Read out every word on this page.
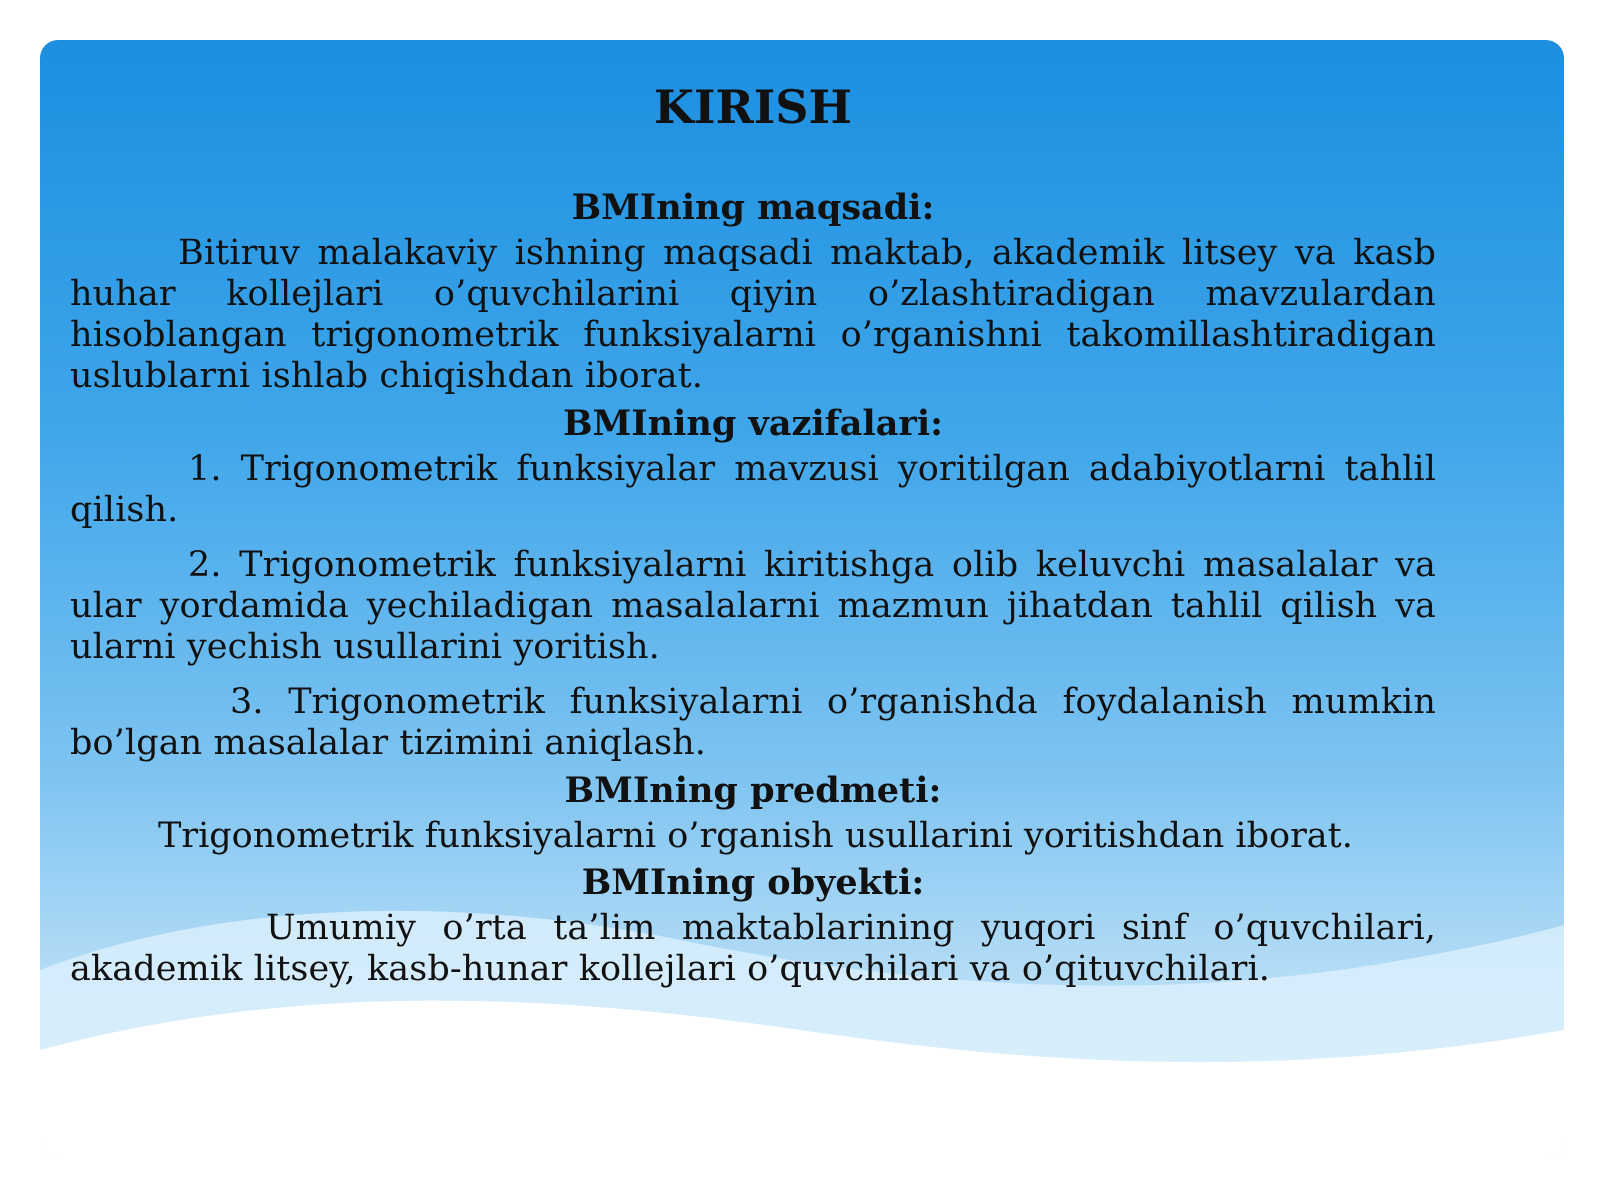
KIRISH
BMIning maqsadi:
Bitiruv malakaviy ishning maqsadi maktab, akademik litsey va kasb huhar kollejlari o’quvchilarini qiyin o’zlashtiradigan mavzulardan hisoblangan trigonometrik funksiyalarni o’rganishni takomillashtiradigan uslublarni ishlab chiqishdan iborat.
BMIning vazifalari:
1. Trigonometrik funksiyalar mavzusi yoritilgan adabiyotlarni tahlil qilish.
2. Trigonometrik funksiyalarni kiritishga olib keluvchi masalalar va ular yordamida yechiladigan masalalarni mazmun jihatdan tahlil qilish va ularni yechish usullarini yoritish.
3. Trigonometrik funksiyalarni o’rganishda foydalanish mumkin bo’lgan masalalar tizimini aniqlash.
BMIning predmeti:
Trigonometrik funksiyalarni o’rganish usullarini yoritishdan iborat.
BMIning obyekti:
Umumiy o’rta ta’lim maktablarining yuqori sinf o’quvchilari, akademik litsey, kasb-hunar kollejlari o’quvchilari va o’qituvchilari.
